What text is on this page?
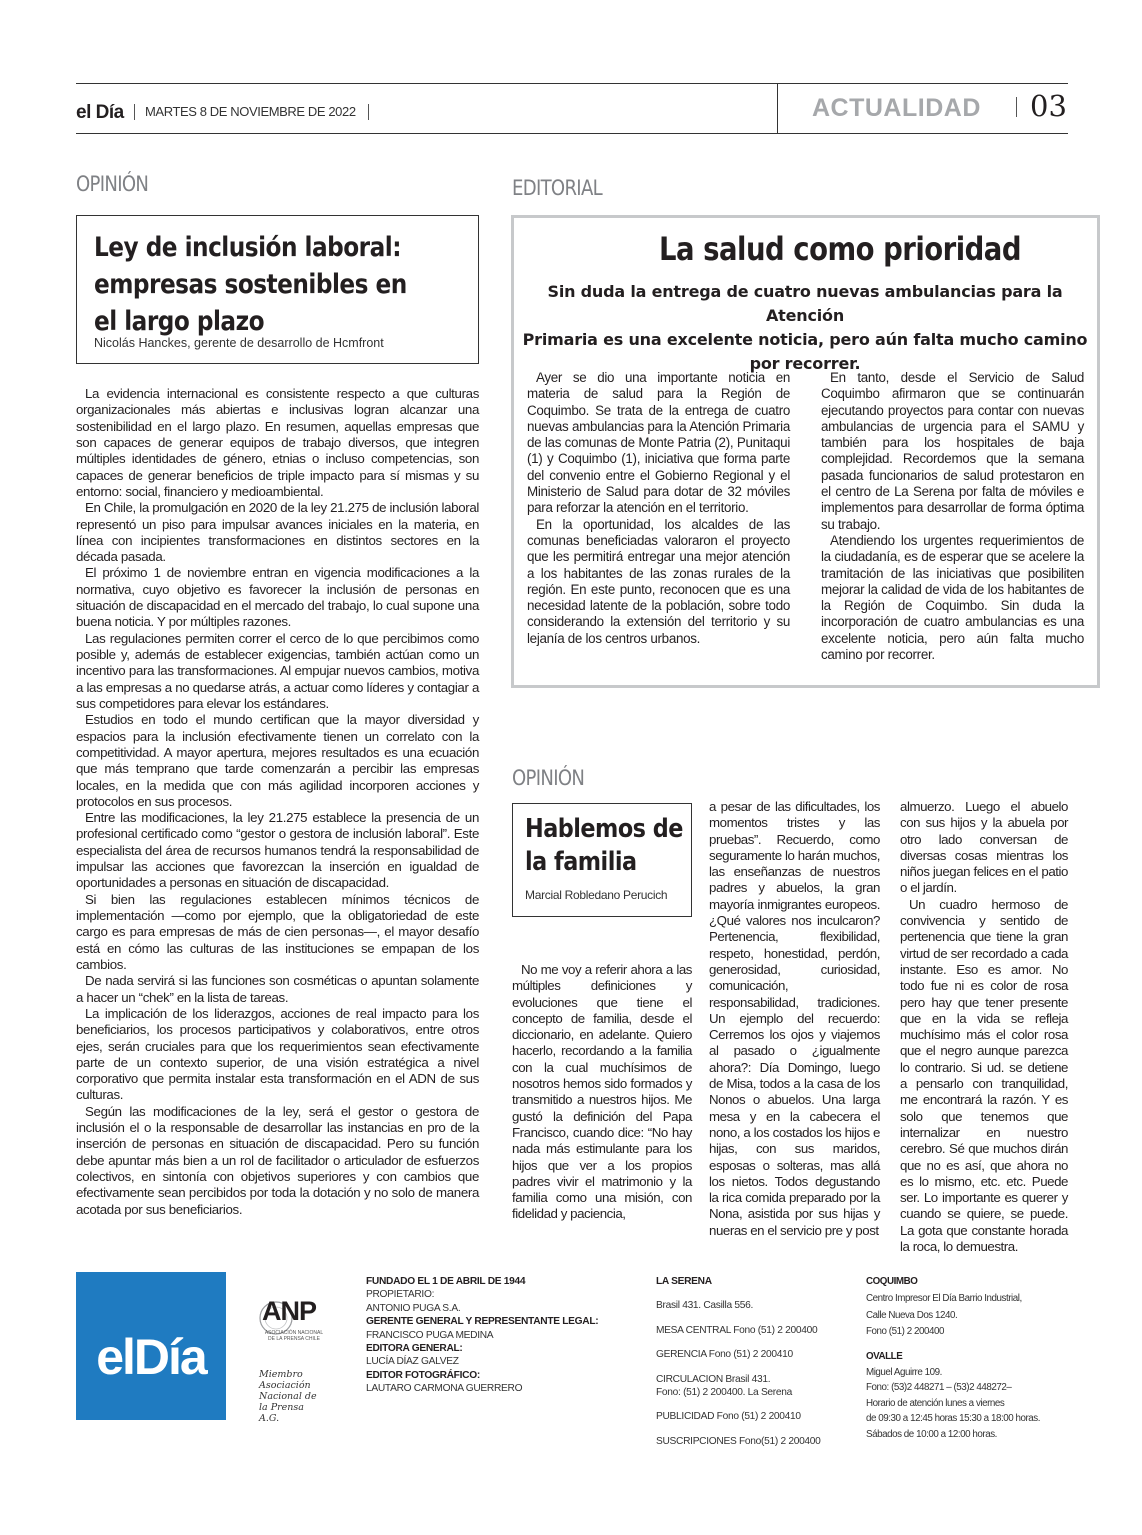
el Día MARTES 8 DE NOVIEMBRE DE 2022	ACTUALIDAD 03
OPINIÓN
Ley de inclusión laboral:
empresas sostenibles en
el largo plazo
Nicolás Hanckes, gerente de desarrollo de Hcmfront

La evidencia internacional es consistente respecto a que culturas organizacionales más abiertas e inclusivas logran alcanzar una sostenibilidad en el largo plazo. En resumen, aquellas empresas que son capaces de generar equipos de trabajo diversos, que integren múltiples identidades de género, etnias o incluso competencias, son capaces de generar beneficios de triple impacto para sí mismas y su entorno: social, financiero y medioambiental.

En Chile, la promulgación en 2020 de la ley 21.275 de inclusión laboral representó un piso para impulsar avances iniciales en la materia, en línea con incipientes transformaciones en distintos sectores en la década pasada.

El próximo 1 de noviembre entran en vigencia modificaciones a la normativa, cuyo objetivo es favorecer la inclusión de personas en situación de discapacidad en el mercado del trabajo, lo cual supone una buena noticia. Y por múltiples razones.

Las regulaciones permiten correr el cerco de lo que percibimos como posible y, además de establecer exigencias, también actúan como un incentivo para las transformaciones. Al empujar nuevos cambios, motiva a las empresas a no quedarse atrás, a actuar como líderes y contagiar a sus competidores para elevar los estándares.

Estudios en todo el mundo certifican que la mayor diversidad y espacios para la inclusión efectivamente tienen un correlato con la competitividad. A mayor apertura, mejores resultados es una ecuación que más temprano que tarde comenzarán a percibir las empresas locales, en la medida que con más agilidad incorporen acciones y protocolos en sus procesos.

Entre las modificaciones, la ley 21.275 establece la presencia de un profesional certificado como “gestor o gestora de inclusión laboral”. Este especialista del área de recursos humanos tendrá la responsabilidad de impulsar las acciones que favorezcan la inserción en igualdad de oportunidades a personas en situación de discapacidad.

Si bien las regulaciones establecen mínimos técnicos de implementación —como por ejemplo, que la obligatoriedad de este cargo es para empresas de más de cien personas—, el mayor desafío está en cómo las culturas de las instituciones se empapan de los cambios.

De nada servirá si las funciones son cosméticas o apuntan solamente a hacer un “chek” en la lista de tareas.

La implicación de los liderazgos, acciones de real impacto para los beneficiarios, los procesos participativos y colaborativos, entre otros ejes, serán cruciales para que los requerimientos sean efectivamente parte de un contexto superior, de una visión estratégica a nivel corporativo que permita instalar esta transformación en el ADN de sus culturas.

Según las modificaciones de la ley, será el gestor o gestora de inclusión el o la responsable de desarrollar las instancias en pro de la inserción de personas en situación de discapacidad. Pero su función debe apuntar más bien a un rol de facilitador o articulador de esfuerzos colectivos, en sintonía con objetivos superiores y con cambios que efectivamente sean percibidos por toda la dotación y no solo de manera acotada por sus beneficiarios.

EDITORIAL
La salud como prioridad
Sin duda la entrega de cuatro nuevas ambulancias para la Atención
Primaria es una excelente noticia, pero aún falta mucho camino
por recorrer.

Ayer se dio una importante noticia en materia de salud para la Región de Coquimbo. Se trata de la entrega de cuatro nuevas ambulancias para la Atención Primaria de las comunas de Monte Patria (2), Punitaqui (1) y Coquimbo (1), iniciativa que forma parte del convenio entre el Gobierno Regional y el Ministerio de Salud para dotar de 32 móviles para reforzar la atención en el territorio.

En la oportunidad, los alcaldes de las comunas beneficiadas valoraron el proyecto que les permitirá entregar una mejor atención a los habitantes de las zonas rurales de la región. En este punto, reconocen que es una necesidad latente de la población, sobre todo considerando la extensión del territorio y su lejanía de los centros urbanos.

En tanto, desde el Servicio de Salud Coquimbo afirmaron que se continuarán ejecutando proyectos para contar con nuevas ambulancias de urgencia para el SAMU y también para los hospitales de baja complejidad. Recordemos que la semana pasada funcionarios de salud protestaron en el centro de La Serena por falta de móviles e implementos para desarrollar de forma óptima su trabajo.

Atendiendo los urgentes requerimientos de la ciudadanía, es de esperar que se acelere la tramitación de las iniciativas que posibiliten mejorar la calidad de vida de los habitantes de la Región de Coquimbo. Sin duda la incorporación de cuatro ambulancias es una excelente noticia, pero aún falta mucho camino por recorrer.

OPINIÓN
Hablemos de
la familia
Marcial Robledano Perucich

No me voy a referir ahora a las múltiples definiciones y evoluciones que tiene el concepto de familia, desde el diccionario, en adelante. Quiero hacerlo, recordando a la familia con la cual muchísimos de nosotros hemos sido formados y transmitido a nuestros hijos. Me gustó la definición del Papa Francisco, cuando dice: “No hay nada más estimulante para los hijos que ver a los propios padres vivir el matrimonio y la familia como una misión, con fidelidad y paciencia,

a pesar de las dificultades, los momentos tristes y las pruebas”. Recuerdo, como seguramente lo harán muchos, las enseñanzas de nuestros padres y abuelos, la gran mayoría inmigrantes europeos. ¿Qué valores nos inculcaron? Pertenencia, flexibilidad, respeto, honestidad, perdón, generosidad, curiosidad, comunicación, responsabilidad, tradiciones. Un ejemplo del recuerdo: Cerremos los ojos y viajemos al pasado o ¿igualmente ahora?: Día Domingo, luego de Misa, todos a la casa de los Nonos o abuelos. Una larga mesa y en la cabecera el nono, a los costados los hijos e hijas, con sus maridos, esposas o solteras, mas allá los nietos. Todos degustando la rica comida preparado por la Nona, asistida por sus hijas y nueras en el servicio pre y post

almuerzo. Luego el abuelo con sus hijos y la abuela por otro lado conversan de diversas cosas mientras los niños juegan felices en el patio o el jardín.

Un cuadro hermoso de convivencia y sentido de pertenencia que tiene la gran virtud de ser recordado a cada instante. Eso es amor. No todo fue ni es color de rosa pero hay que tener presente que en la vida se refleja muchísimo más el color rosa que el negro aunque parezca lo contrario. Si ud. se detiene a pensarlo con tranquilidad, me encontrará la razón. Y es solo que tenemos que internalizar en nuestro cerebro. Sé que muchos dirán que no es así, que ahora no es lo mismo, etc. etc. Puede ser. Lo importante es querer y cuando se quiere, se puede. La gota que constante horada la roca, lo demuestra.

elDía
ANP
ASOCIACIÓN NACIONAL DE LA PRENSA CHILE
Miembro
Asociación
Nacional de
la Prensa
A.G.
FUNDADO EL 1 DE ABRIL DE 1944
PROPIETARIO:
ANTONIO PUGA S.A.
GERENTE GENERAL Y REPRESENTANTE LEGAL:
FRANCISCO PUGA MEDINA
EDITORA GENERAL:
LUCÍA DÍAZ GALVEZ
EDITOR FOTOGRÁFICO:
LAUTARO CARMONA GUERRERO
LA SERENA
Brasil 431. Casilla 556.
MESA CENTRAL Fono (51) 2 200400
GERENCIA Fono (51) 2 200410
CIRCULACION Brasil 431.
Fono: (51) 2 200400. La Serena
PUBLICIDAD Fono (51) 2 200410
SUSCRIPCIONES Fono(51) 2 200400
COQUIMBO
Centro Impresor El Día Barrio Industrial,
Calle Nueva Dos 1240.
Fono (51) 2 200400
OVALLE
Miguel Aguirre 109.
Fono: (53)2 448271 – (53)2 448272–
Horario de atención lunes a viernes
de 09:30 a 12:45 horas 15:30 a 18:00 horas.
Sábados de 10:00 a 12:00 horas.
